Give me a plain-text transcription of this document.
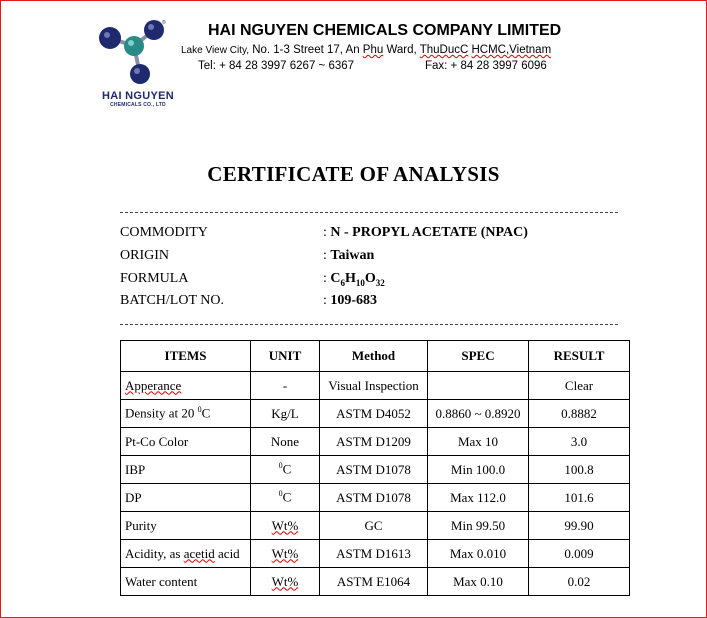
®
HAI NGUYEN
CHEMICALS CO., LTD
HAI NGUYEN CHEMICALS COMPANY LIMITED
Lake View City, No. 1-3 Street 17, An Phu Ward, ThuDucC HCMC,Vietnam
Tel: + 84 28 3997 6267 ~ 6367	Fax: + 84 28 3997 6096
CERTIFICATE OF ANALYSIS
COMMODITY	: N - PROPYL ACETATE (NPAC)
ORIGIN	: Taiwan
FORMULA	: $C_6H_{10}O_{32}$
BATCH/LOT NO.	: 109-683
ITEMS	UNIT	Method	SPEC	RESULT
Apperance	-	Visual Inspection		Clear
Density at 20 $^0$C	Kg/L	ASTM D4052	0.8860 ~ 0.8920	0.8882
Pt-Co Color	None	ASTM D1209	Max 10	3.0
IBP	$^0$C	ASTM D1078	Min 100.0	100.8
DP	$^0$C	ASTM D1078	Max 112.0	101.6
Purity	Wt%	GC	Min 99.50	99.90
Acidity, as acetid acid	Wt%	ASTM D1613	Max 0.010	0.009
Water content	Wt%	ASTM E1064	Max 0.10	0.02
